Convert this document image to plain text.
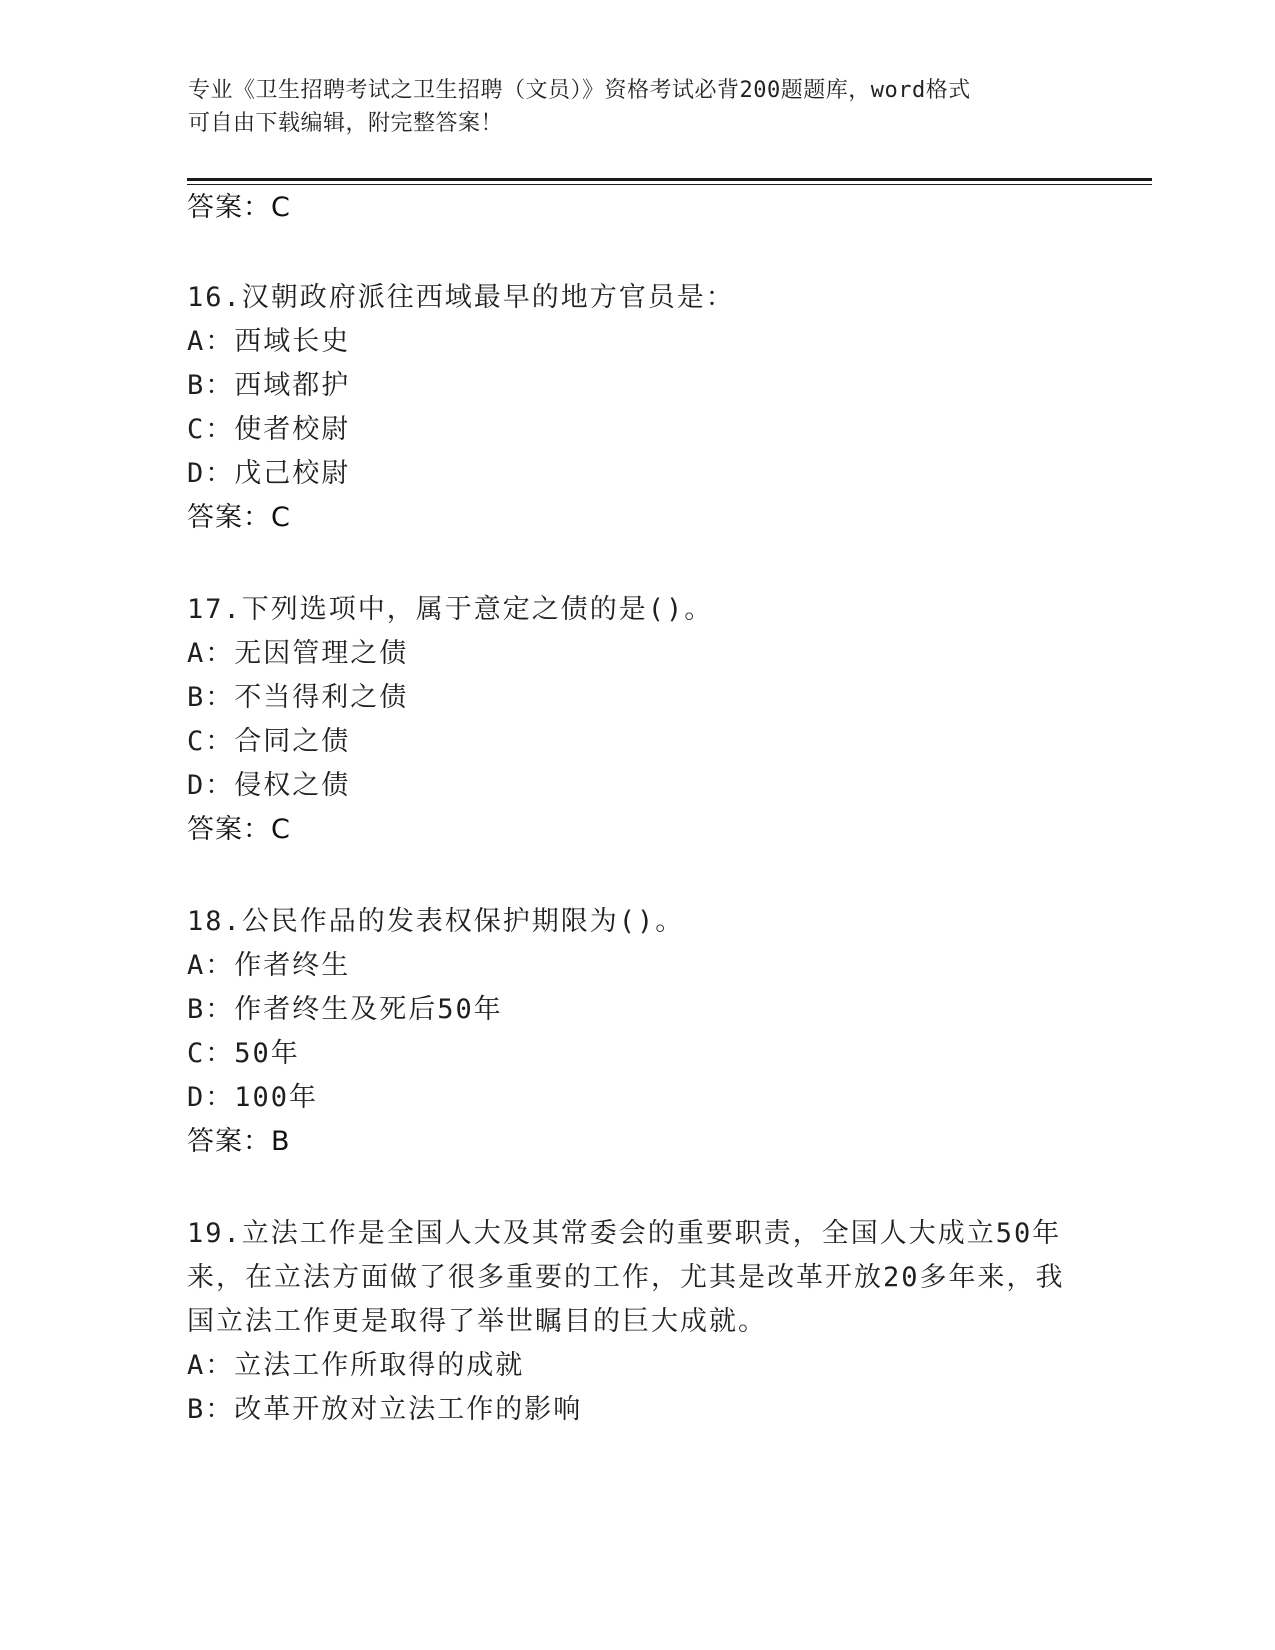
专业《卫生招聘考试之卫生招聘（文员）》资格考试必背200题题库，word格式
可自由下载编辑，附完整答案！
答案：C
16.汉朝政府派往西域最早的地方官员是：
A：西域长史
B：西域都护
C：使者校尉
D：戊己校尉
答案：C
17.下列选项中，属于意定之债的是()。
A：无因管理之债
B：不当得利之债
C：合同之债
D：侵权之债
答案：C
18.公民作品的发表权保护期限为()。
A：作者终生
B：作者终生及死后50年
C：50年
D：100年
答案：B
19.立法工作是全国人大及其常委会的重要职责，全国人大成立50年
来，在立法方面做了很多重要的工作，尤其是改革开放20多年来，我
国立法工作更是取得了举世瞩目的巨大成就。
A：立法工作所取得的成就
B：改革开放对立法工作的影响
